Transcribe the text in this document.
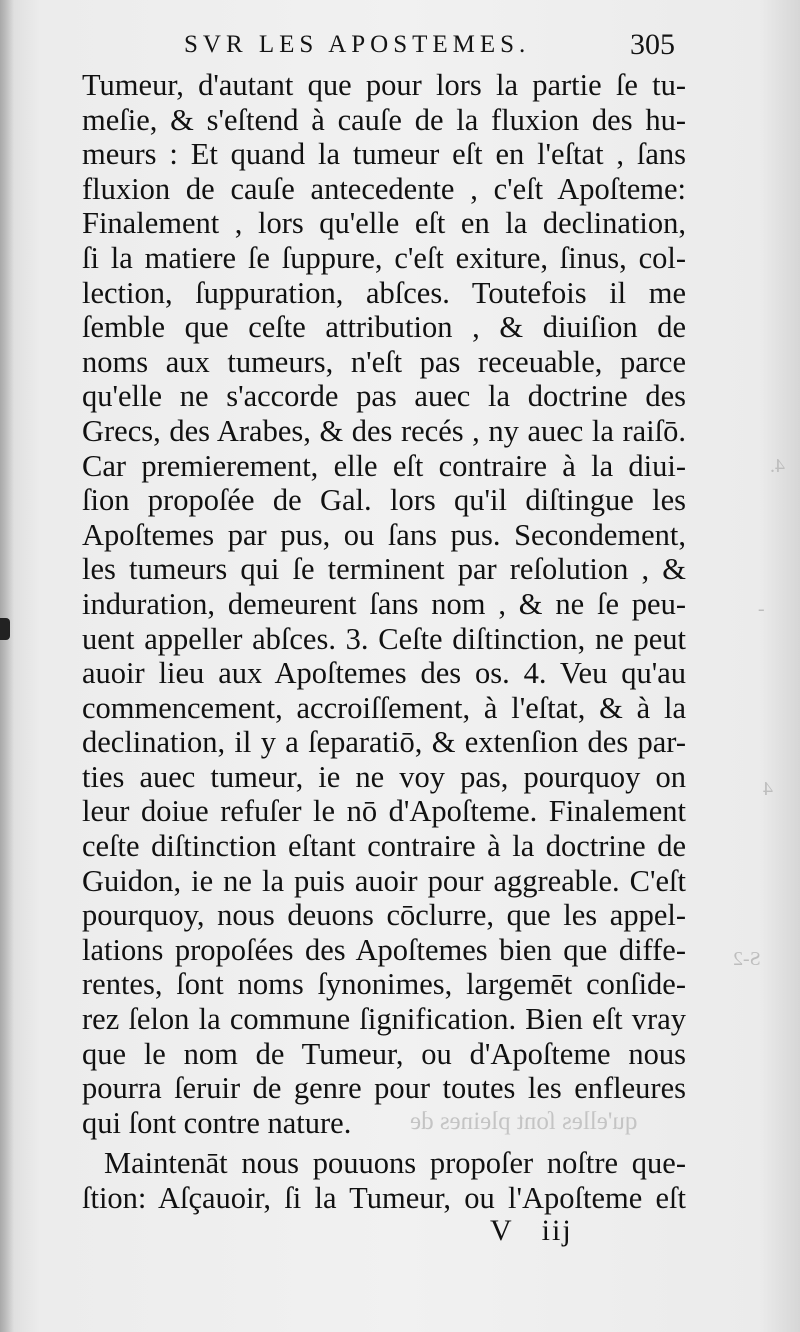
SVR LES APOSTEMES.	305
Tumeur, d'autant que pour lors la partie ſe tu-
meſie, & s'eſtend à cauſe de la fluxion des hu-
meurs : Et quand la tumeur eſt en l'eſtat , ſans
fluxion de cauſe antecedente , c'eſt Apoſteme:
Finalement , lors qu'elle eſt en la declination,
ſi la matiere ſe ſuppure, c'eſt exiture, ſinus, col-
lection, ſuppuration, abſces. Toutefois il me
ſemble que ceſte attribution , & diuiſion de
noms aux tumeurs, n'eſt pas receuable, parce
qu'elle ne s'accorde pas auec la doctrine des
Grecs, des Arabes, & des recés , ny auec la raiſō.
Car premierement, elle eſt contraire à la diui-
ſion propoſée de Gal. lors qu'il diſtingue les
Apoſtemes par pus, ou ſans pus. Secondement,
les tumeurs qui ſe terminent par reſolution , &
induration, demeurent ſans nom , & ne ſe peu-
uent appeller abſces. 3. Ceſte diſtinction, ne peut
auoir lieu aux Apoſtemes des os. 4. Veu qu'au
commencement, accroiſſement, à l'eſtat, & à la
declination, il y a ſeparatiō, & extenſion des par-
ties auec tumeur, ie ne voy pas, pourquoy on
leur doiue refuſer le nō d'Apoſteme. Finalement
ceſte diſtinction eſtant contraire à la doctrine de
Guidon, ie ne la puis auoir pour aggreable. C'eſt
pourquoy, nous deuons cōclurre, que les appel-
lations propoſées des Apoſtemes bien que diffe-
rentes, ſont noms ſynonimes, largemēt conſide-
rez ſelon la commune ſignification. Bien eſt vray
que le nom de Tumeur, ou d'Apoſteme nous
pourra ſeruir de genre pour toutes les enfleures
qui ſont contre nature.
Maintenāt nous pouuons propoſer noſtre que-
ſtion: Aſçauoir, ſi la Tumeur, ou l'Apoſteme eſt
V iij
qu'elles ſont pleines de
4.
-
4
S-2
